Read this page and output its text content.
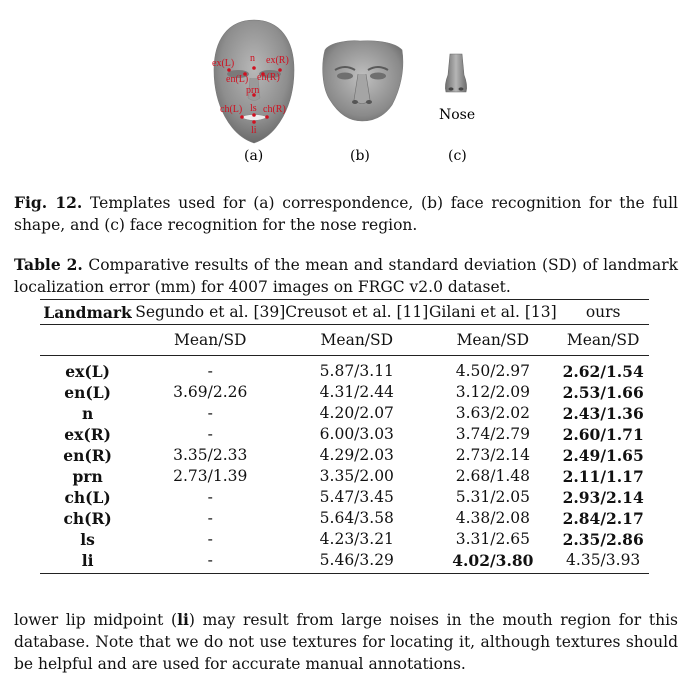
n
ex(L)	ex(R)
en(L) en(R)
prn
ch(L) ls ch(R)
li
(a)	(b)
Nose
(c)
Fig. 12. Templates used for (a) correspondence, (b) face recognition for the full shape, and (c) face recognition for the nose region.
Table 2. Comparative results of the mean and standard deviation (SD) of landmark localization error (mm) for 4007 images on FRGC v2.0 dataset.
Landmark	Segundo et al. [39]	Creusot et al. [11]	Gilani et al. [13]	ours
	Mean/SD	Mean/SD	Mean/SD	Mean/SD
ex(L)	-	5.87/3.11	4.50/2.97	2.62/1.54
en(L)	3.69/2.26	4.31/2.44	3.12/2.09	2.53/1.66
n	-	4.20/2.07	3.63/2.02	2.43/1.36
ex(R)	-	6.00/3.03	3.74/2.79	2.60/1.71
en(R)	3.35/2.33	4.29/2.03	2.73/2.14	2.49/1.65
prn	2.73/1.39	3.35/2.00	2.68/1.48	2.11/1.17
ch(L)	-	5.47/3.45	5.31/2.05	2.93/2.14
ch(R)	-	5.64/3.58	4.38/2.08	2.84/2.17
ls	-	4.23/3.21	3.31/2.65	2.35/2.86
li	-	5.46/3.29	4.02/3.80	4.35/3.93
lower lip midpoint (li) may result from large noises in the mouth region for this database. Note that we do not use textures for locating it, although textures should be helpful and are used for accurate manual annotations.
